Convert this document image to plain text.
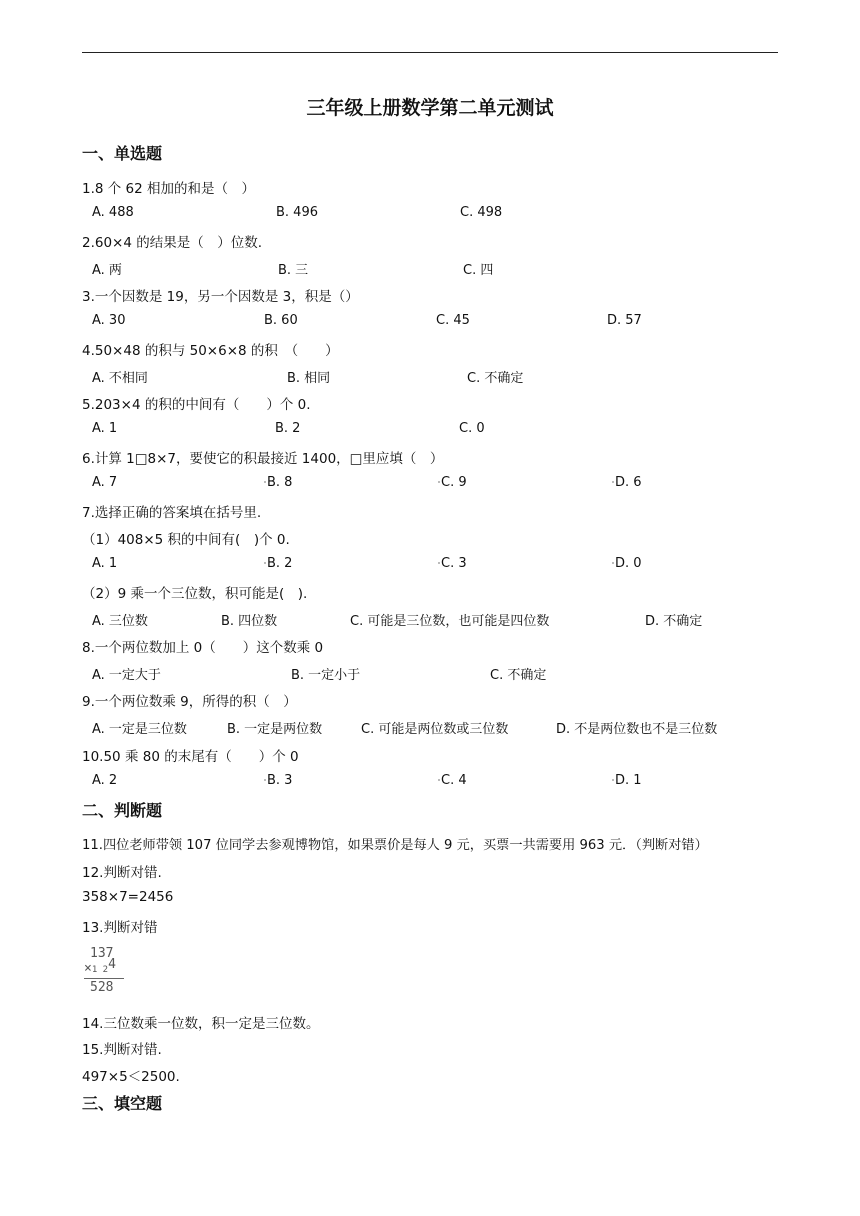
三年级上册数学第二单元测试
一、单选题
1.8 个 62 相加的和是（　）
A. 488	B. 496	C. 498
2.60×4 的结果是（　）位数.
A. 两	B. 三	C. 四
3.一个因数是 19，另一个因数是 3，积是（）
A. 30	B. 60	C. 45	D. 57
4.50×48 的积与 50×6×8 的积　（　　）
A. 不相同	B. 相同	C. 不确定
5.203×4 的积的中间有（　　）个 0.
A. 1	B. 2	C. 0
6.计算 1□8×7，要使它的积最接近 1400，□里应填（　）
A. 7	B. 8	C. 9	D. 6
7.选择正确的答案填在括号里.
（1）408×5 积的中间有(　)个 0.
A. 1	B. 2	C. 3	D. 0
（2）9 乘一个三位数，积可能是(　).
A. 三位数	B. 四位数	C. 可能是三位数，也可能是四位数	D. 不确定
8.一个两位数加上 0（　　）这个数乘 0
A. 一定大于	B. 一定小于	C. 不确定
9.一个两位数乘 9，所得的积（　）
A. 一定是三位数	B. 一定是两位数	C. 可能是两位数或三位数	D. 不是两位数也不是三位数
10.50 乘 80 的末尾有（　　）个 0
A. 2	B. 3	C. 4	D. 1
二、判断题
11.四位老师带领 107 位同学去参观博物馆，如果票价是每人 9 元，买票一共需要用 963 元．（判断对错）
12.判断对错.
358×7=2456
13.判断对错
137
×1 24
528
14.三位数乘一位数，积一定是三位数。
15.判断对错.
497×5＜2500.
三、填空题
